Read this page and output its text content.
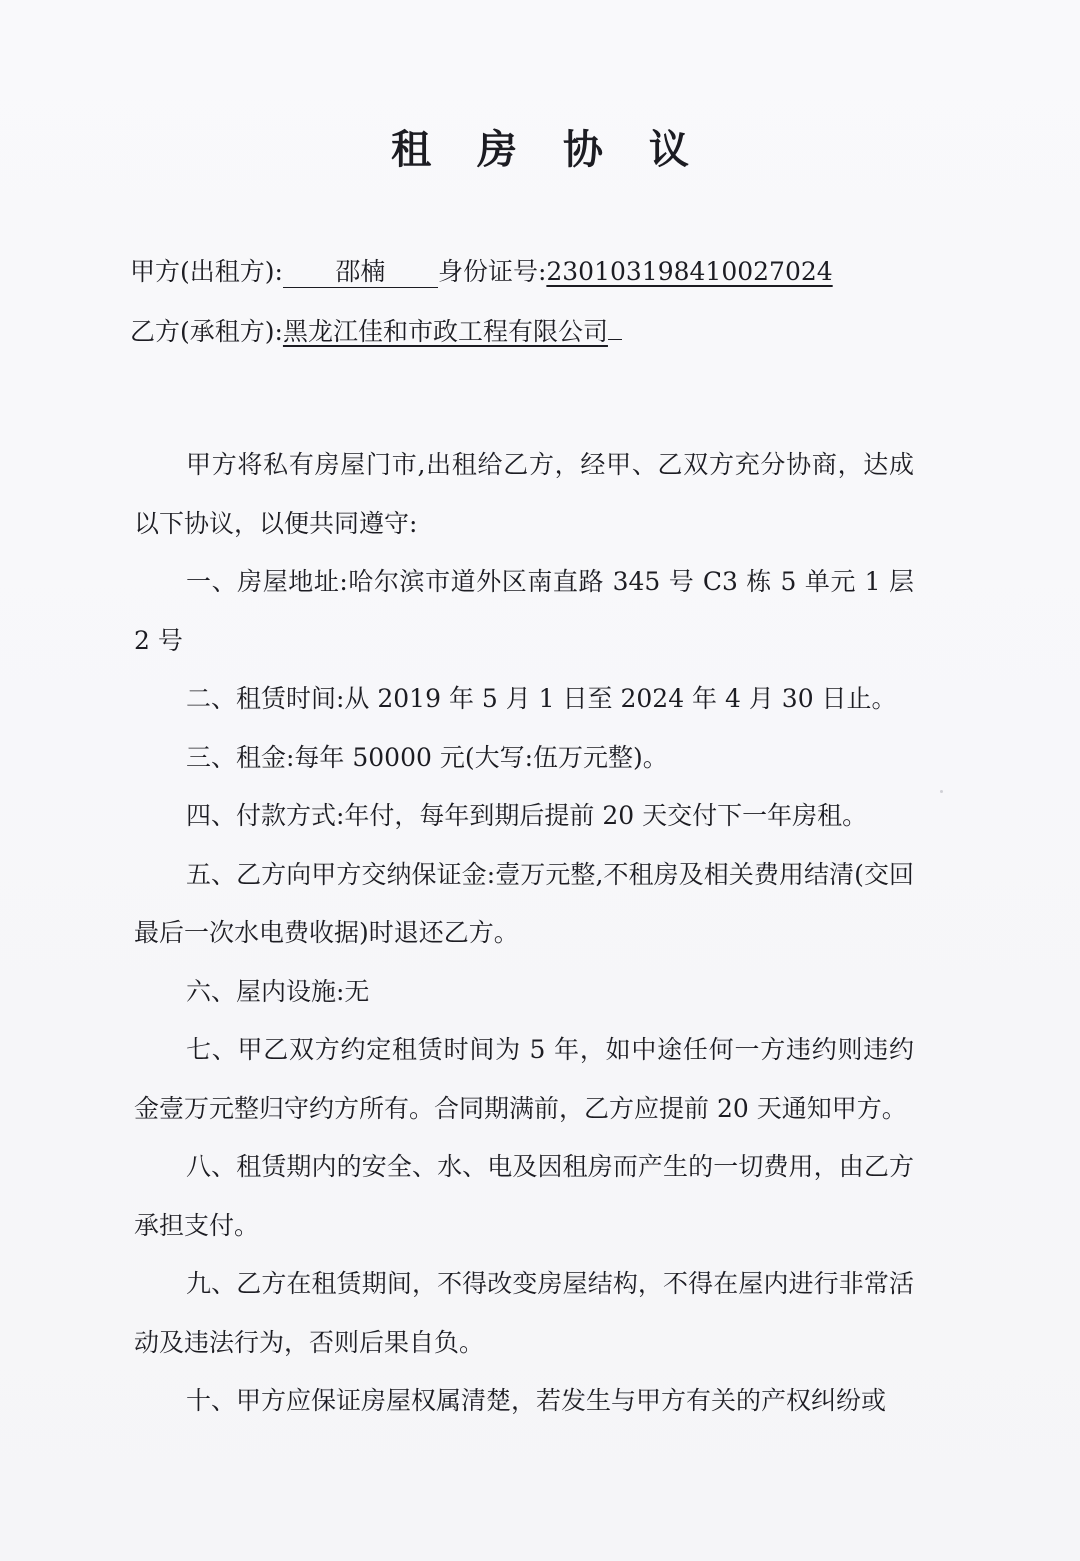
租 房 协 议
甲方(出租方): 邵楠 身份证号:230103198410027024
乙方(承租方):黑龙江佳和市政工程有限公司

甲方将私有房屋门市,出租给乙方，经甲、乙双方充分协商，达成以下协议，以便共同遵守:

一、房屋地址:哈尔滨市道外区南直路 345 号 C3 栋 5 单元 1 层 2 号

二、租赁时间:从 2019 年 5 月 1 日至 2024 年 4 月 30 日止。

三、租金:每年 50000 元(大写:伍万元整)。

四、付款方式:年付，每年到期后提前 20 天交付下一年房租。

五、乙方向甲方交纳保证金:壹万元整,不租房及相关费用结清(交回最后一次水电费收据)时退还乙方。

六、屋内设施:无

七、甲乙双方约定租赁时间为 5 年，如中途任何一方违约则违约金壹万元整归守约方所有。合同期满前，乙方应提前 20 天通知甲方。

八、租赁期内的安全、水、电及因租房而产生的一切费用，由乙方承担支付。

九、乙方在租赁期间，不得改变房屋结构，不得在屋内进行非常活动及违法行为，否则后果自负。

十、甲方应保证房屋权属清楚，若发生与甲方有关的产权纠纷或
